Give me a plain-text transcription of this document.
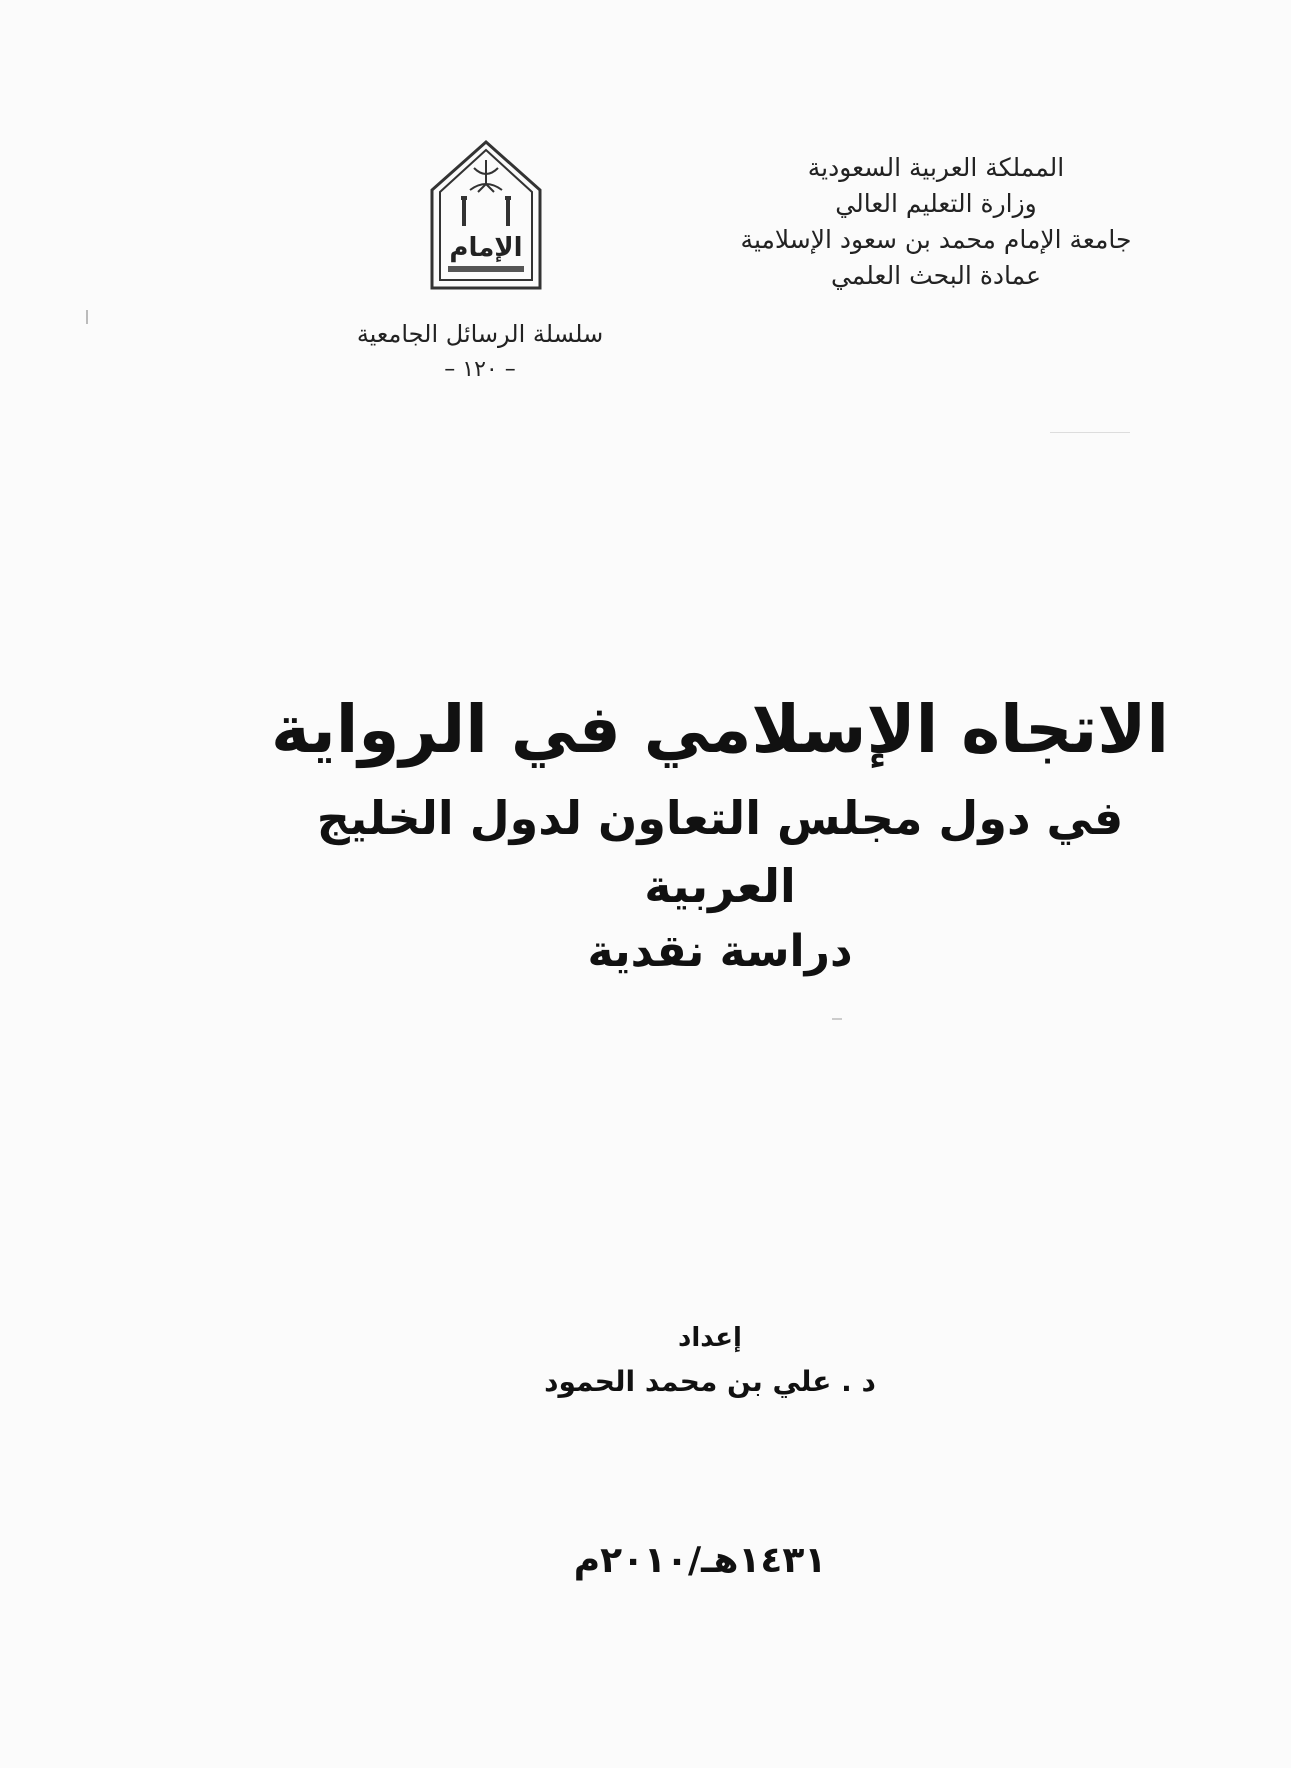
المملكة العربية السعودية
وزارة التعليم العالي
جامعة الإمام محمد بن سعود الإسلامية
عمادة البحث العلمي
الإمام
سلسلة الرسائل الجامعية
– ١٢٠ –
الاتجاه الإسلامي في الرواية
في دول مجلس التعاون لدول الخليج العربية
دراسة نقدية
إعداد
د . علي بن محمد الحمود
١٤٣١هـ/٢٠١٠م
